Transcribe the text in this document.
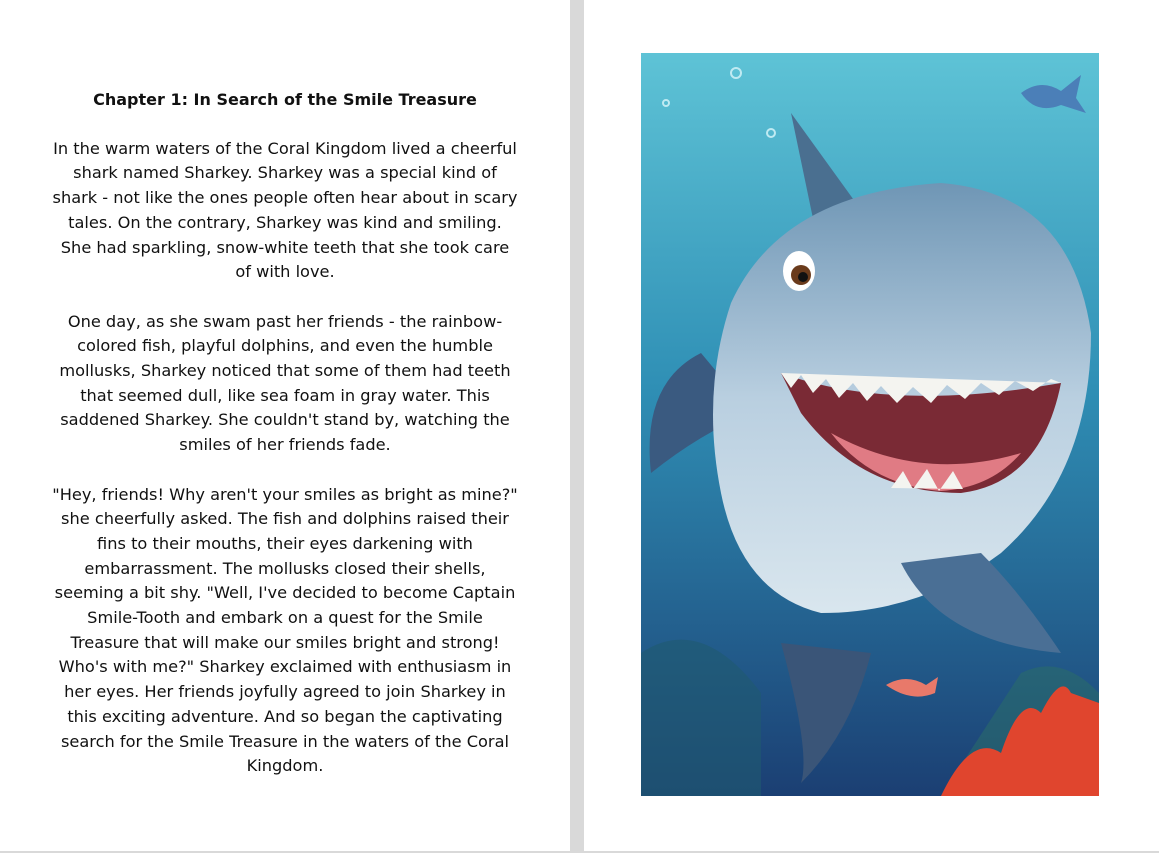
Chapter 1: In Search of the Smile Treasure

In the warm waters of the Coral Kingdom lived a cheerful shark named Sharkey. Sharkey was a special kind of shark - not like the ones people often hear about in scary tales. On the contrary, Sharkey was kind and smiling. She had sparkling, snow-white teeth that she took care of with love.

One day, as she swam past her friends - the rainbow-colored fish, playful dolphins, and even the humble mollusks, Sharkey noticed that some of them had teeth that seemed dull, like sea foam in gray water. This saddened Sharkey. She couldn't stand by, watching the smiles of her friends fade.

"Hey, friends! Why aren't your smiles as bright as mine?" she cheerfully asked. The fish and dolphins raised their fins to their mouths, their eyes darkening with embarrassment. The mollusks closed their shells, seeming a bit shy. "Well, I've decided to become Captain Smile-Tooth and embark on a quest for the Smile Treasure that will make our smiles bright and strong! Who's with me?" Sharkey exclaimed with enthusiasm in her eyes. Her friends joyfully agreed to join Sharkey in this exciting adventure. And so began the captivating search for the Smile Treasure in the waters of the Coral Kingdom.
